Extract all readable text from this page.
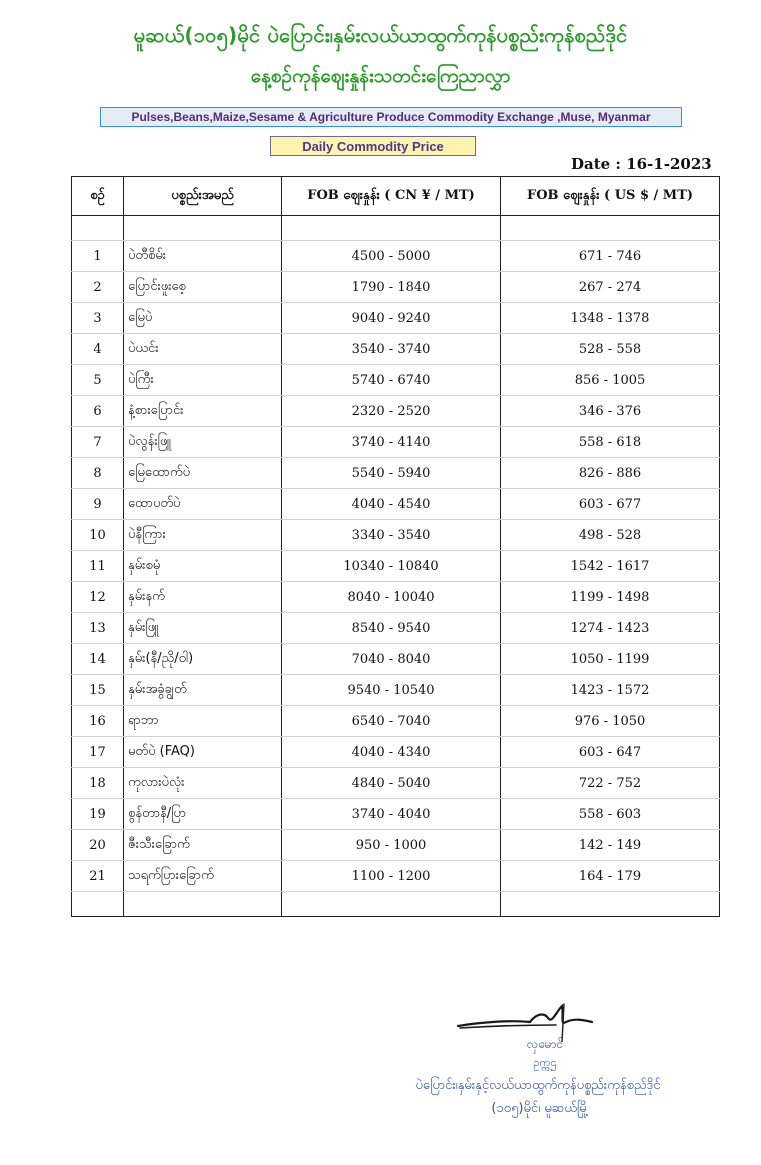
မူဆယ်(၁၀၅)မိုင် ပဲပြောင်း၊နှမ်းလယ်ယာထွက်ကုန်ပစ္စည်းကုန်စည်ဒိုင်
နေ့စဉ်ကုန်စျေးနှုန်းသတင်းကြေညာလွှာ
Pulses,Beans,Maize,Sesame & Agriculture Produce Commodity Exchange ,Muse, Myanmar
Daily Commodity Price
Date : 16-1-2023
စဉ်	ပစ္စည်းအမည်	FOB စျေးနှုန်း ( CN ¥ / MT)	FOB စျေးနှုန်း ( US $ / MT)

1	ပဲတီစိမ်း	4500 - 5000	671 - 746
2	ပြောင်းဖူးစေ့	1790 - 1840	267 - 274
3	မြေပဲ	9040 - 9240	1348 - 1378
4	ပဲယင်း	3540 - 3740	528 - 558
5	ပဲကြီး	5740 - 6740	856 - 1005
6	နံ့စားပြောင်း	2320 - 2520	346 - 376
7	ပဲလွန်းဖြူ	3740 - 4140	558 - 618
8	မြေထောက်ပဲ	5540 - 5940	826 - 886
9	ထောပတ်ပဲ	4040 - 4540	603 - 677
10	ပဲနီကြား	3340 - 3540	498 - 528
11	နှမ်းစမုံ	10340 - 10840	1542 - 1617
12	နှမ်းနက်	8040 - 10040	1199 - 1498
13	နှမ်းဖြူ	8540 - 9540	1274 - 1423
14	နှမ်း(နီ/ညို/ဝါ)	7040 - 8040	1050 - 1199
15	နှမ်းအခွံချွတ်	9540 - 10540	1423 - 1572
16	ရာဘာ	6540 - 7040	976 - 1050
17	မတ်ပဲ (FAQ)	4040 - 4340	603 - 647
18	ကုလားပဲလုံး	4840 - 5040	722 - 752
19	စွန်တာနီ/ပြာ	3740 - 4040	558 - 603
20	ဇီးသီးခြောက်	950 - 1000	142 - 149
21	သရက်ပြားခြောက်	1100 - 1200	164 - 179

လှမောင်
ဥက္ကဌ
ပဲပြောင်း၊နှမ်းနှင့်လယ်ယာထွက်ကုန်ပစ္စည်းကုန်စည်ဒိုင်
(၁၀၅)မိုင်၊ မူဆယ်မြို့
